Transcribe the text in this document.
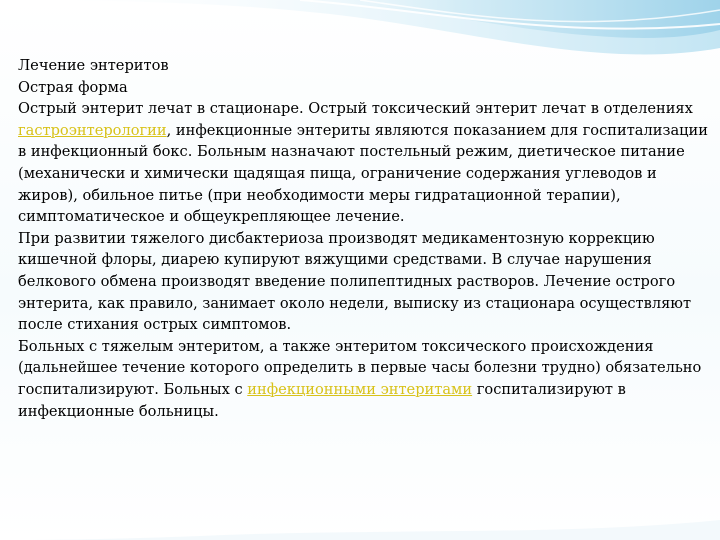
Лечение энтеритов

Острая форма

Острый энтерит лечат в стационаре. Острый токсический энтерит лечат в отделениях гастроэнтерологии, инфекционные энтериты являются показанием для госпитализации в инфекционный бокс. Больным назначают постельный режим, диетическое питание (механически и химически щадящая пища, ограничение содержания углеводов и жиров), обильное питье (при необходимости меры гидратационной терапии), симптоматическое и общеукрепляющее лечение.

При развитии тяжелого дисбактериоза производят медикаментозную коррекцию кишечной флоры, диарею купируют вяжущими средствами. В случае нарушения белкового обмена производят введение полипептидных растворов. Лечение острого энтерита, как правило, занимает около недели, выписку из стационара осуществляют после стихания острых симптомов.

Больных с тяжелым энтеритом, а также энтеритом токсического происхождения (дальнейшее течение которого определить в первые часы болезни трудно) обязательно госпитализируют. Больных с инфекционными энтеритами госпитализируют в инфекционные больницы.
